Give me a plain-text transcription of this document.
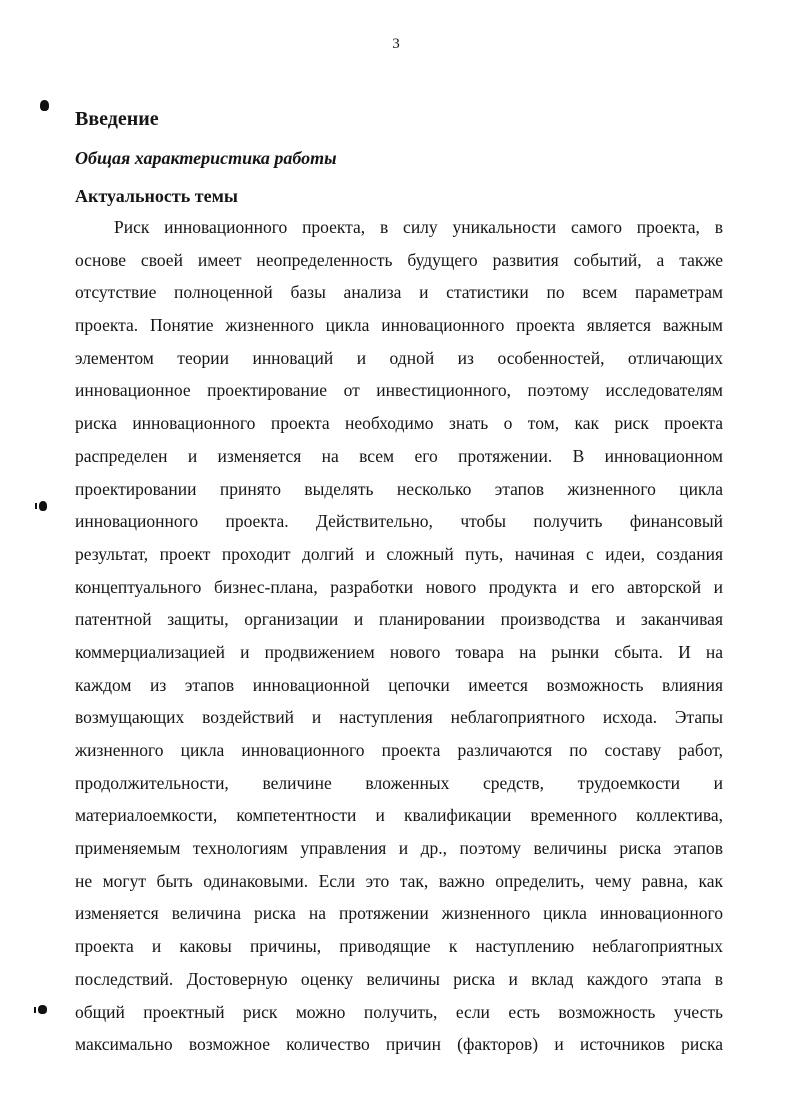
3
Введение
Общая характеристика работы
Актуальность темы
Риск инновационного проекта, в силу уникальности самого проекта, в
основе своей имеет неопределенность будущего развития событий, а также
отсутствие полноценной базы анализа и статистики по всем параметрам
проекта. Понятие жизненного цикла инновационного проекта является важным
элементом теории инноваций и одной из особенностей, отличающих
инновационное проектирование от инвестиционного, поэтому исследователям
риска инновационного проекта необходимо знать о том, как риск проекта
распределен и изменяется на всем его протяжении. В инновационном
проектировании принято выделять несколько этапов жизненного цикла
инновационного проекта. Действительно, чтобы получить финансовый
результат, проект проходит долгий и сложный путь, начиная с идеи, создания
концептуального бизнес-плана, разработки нового продукта и его авторской и
патентной защиты, организации и планировании производства и заканчивая
коммерциализацией и продвижением нового товара на рынки сбыта. И на
каждом из этапов инновационной цепочки имеется возможность влияния
возмущающих воздействий и наступления неблагоприятного исхода. Этапы
жизненного цикла инновационного проекта различаются по составу работ,
продолжительности, величине вложенных средств, трудоемкости и
материалоемкости, компетентности и квалификации временного коллектива,
применяемым технологиям управления и др., поэтому величины риска этапов
не могут быть одинаковыми. Если это так, важно определить, чему равна, как
изменяется величина риска на протяжении жизненного цикла инновационного
проекта и каковы причины, приводящие к наступлению неблагоприятных
последствий. Достоверную оценку величины риска и вклад каждого этапа в
общий проектный риск можно получить, если есть возможность учесть
максимально возможное количество причин (факторов) и источников риска
